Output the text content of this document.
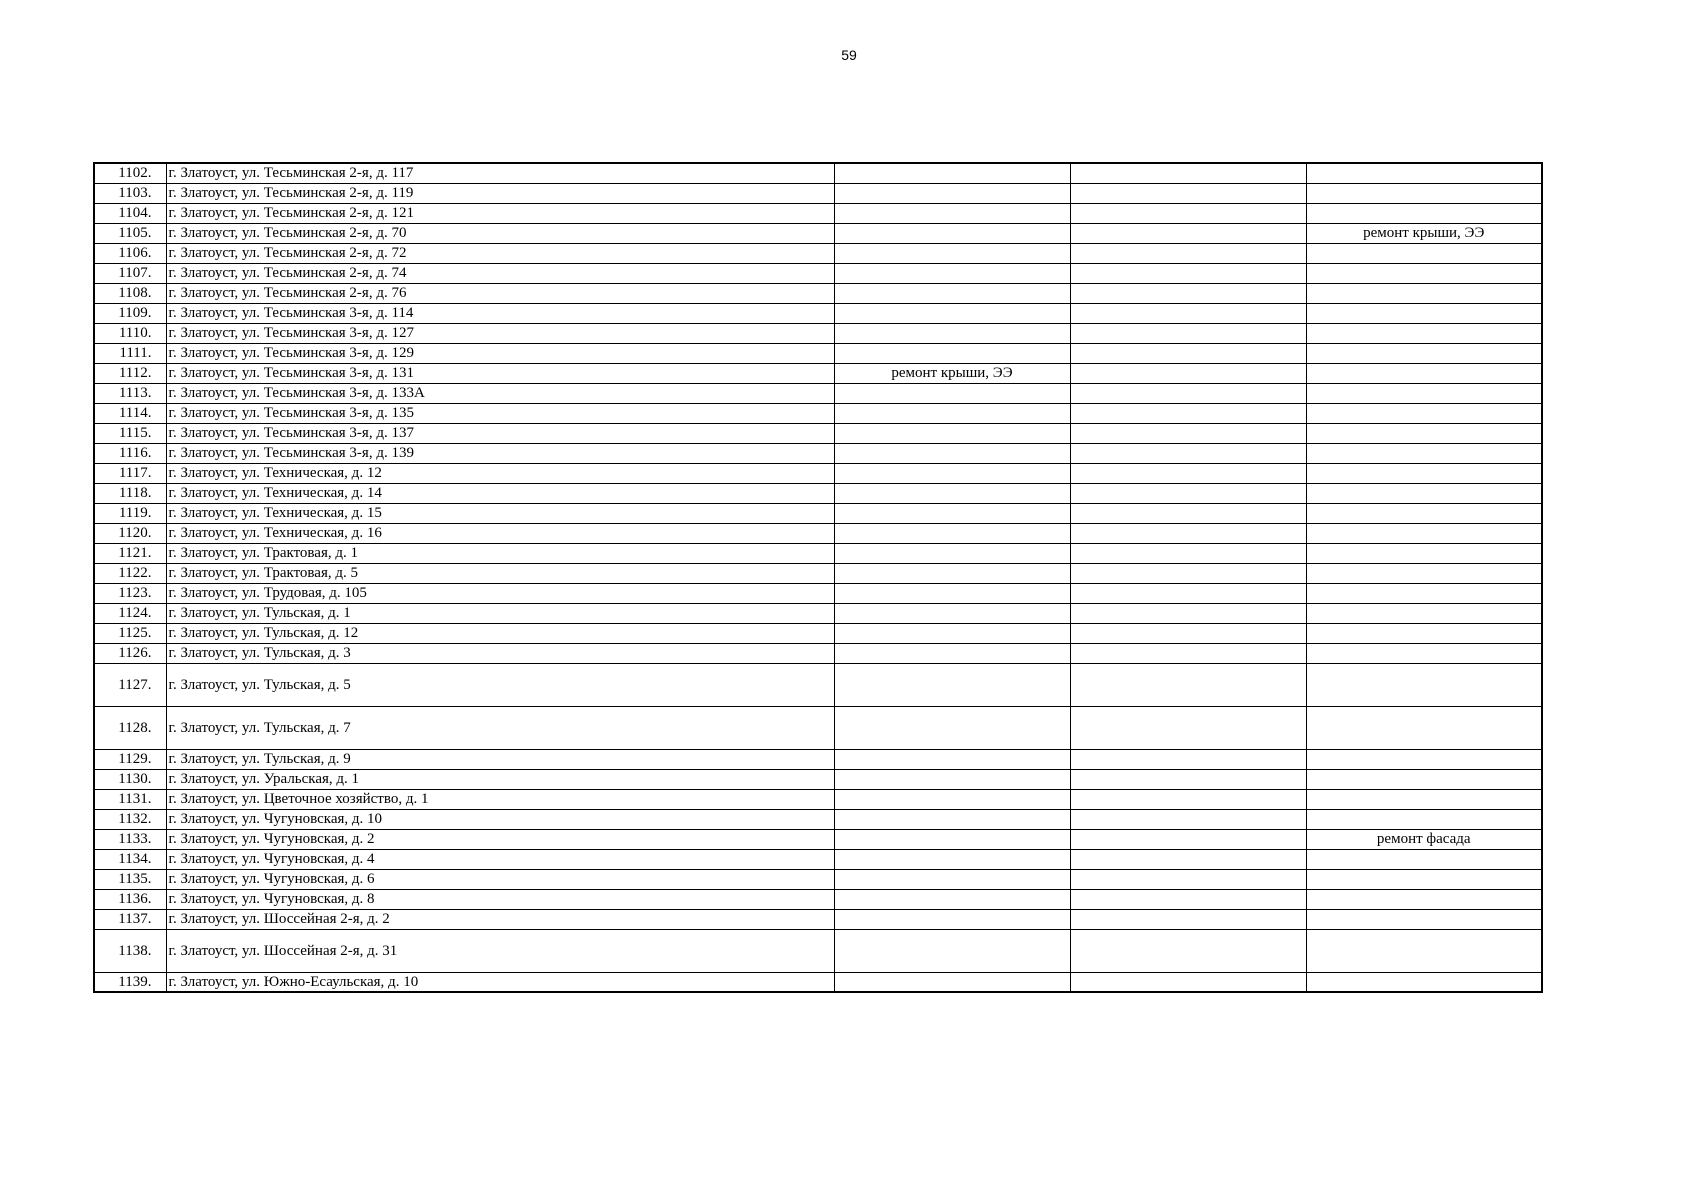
59
1102.	г. Златоуст, ул. Тесьминская 2-я, д. 117			
1103.	г. Златоуст, ул. Тесьминская 2-я, д. 119			
1104.	г. Златоуст, ул. Тесьминская 2-я, д. 121			
1105.	г. Златоуст, ул. Тесьминская 2-я, д. 70			ремонт крыши, ЭЭ
1106.	г. Златоуст, ул. Тесьминская 2-я, д. 72			
1107.	г. Златоуст, ул. Тесьминская 2-я, д. 74			
1108.	г. Златоуст, ул. Тесьминская 2-я, д. 76			
1109.	г. Златоуст, ул. Тесьминская 3-я, д. 114			
1110.	г. Златоуст, ул. Тесьминская 3-я, д. 127			
1111.	г. Златоуст, ул. Тесьминская 3-я, д. 129			
1112.	г. Златоуст, ул. Тесьминская 3-я, д. 131	ремонт крыши, ЭЭ		
1113.	г. Златоуст, ул. Тесьминская 3-я, д. 133А			
1114.	г. Златоуст, ул. Тесьминская 3-я, д. 135			
1115.	г. Златоуст, ул. Тесьминская 3-я, д. 137			
1116.	г. Златоуст, ул. Тесьминская 3-я, д. 139			
1117.	г. Златоуст, ул. Техническая, д. 12			
1118.	г. Златоуст, ул. Техническая, д. 14			
1119.	г. Златоуст, ул. Техническая, д. 15			
1120.	г. Златоуст, ул. Техническая, д. 16			
1121.	г. Златоуст, ул. Трактовая, д. 1			
1122.	г. Златоуст, ул. Трактовая, д. 5			
1123.	г. Златоуст, ул. Трудовая, д. 105			
1124.	г. Златоуст, ул. Тульская, д. 1			
1125.	г. Златоуст, ул. Тульская, д. 12			
1126.	г. Златоуст, ул. Тульская, д. 3			
1127.	г. Златоуст, ул. Тульская, д. 5			
1128.	г. Златоуст, ул. Тульская, д. 7			
1129.	г. Златоуст, ул. Тульская, д. 9			
1130.	г. Златоуст, ул. Уральская, д. 1			
1131.	г. Златоуст, ул. Цветочное хозяйство, д. 1			
1132.	г. Златоуст, ул. Чугуновская, д. 10			
1133.	г. Златоуст, ул. Чугуновская, д. 2			ремонт фасада
1134.	г. Златоуст, ул. Чугуновская, д. 4			
1135.	г. Златоуст, ул. Чугуновская, д. 6			
1136.	г. Златоуст, ул. Чугуновская, д. 8			
1137.	г. Златоуст, ул. Шоссейная 2-я, д. 2			
1138.	г. Златоуст, ул. Шоссейная 2-я, д. 31			
1139.	г. Златоуст, ул. Южно-Есаульская, д. 10			
